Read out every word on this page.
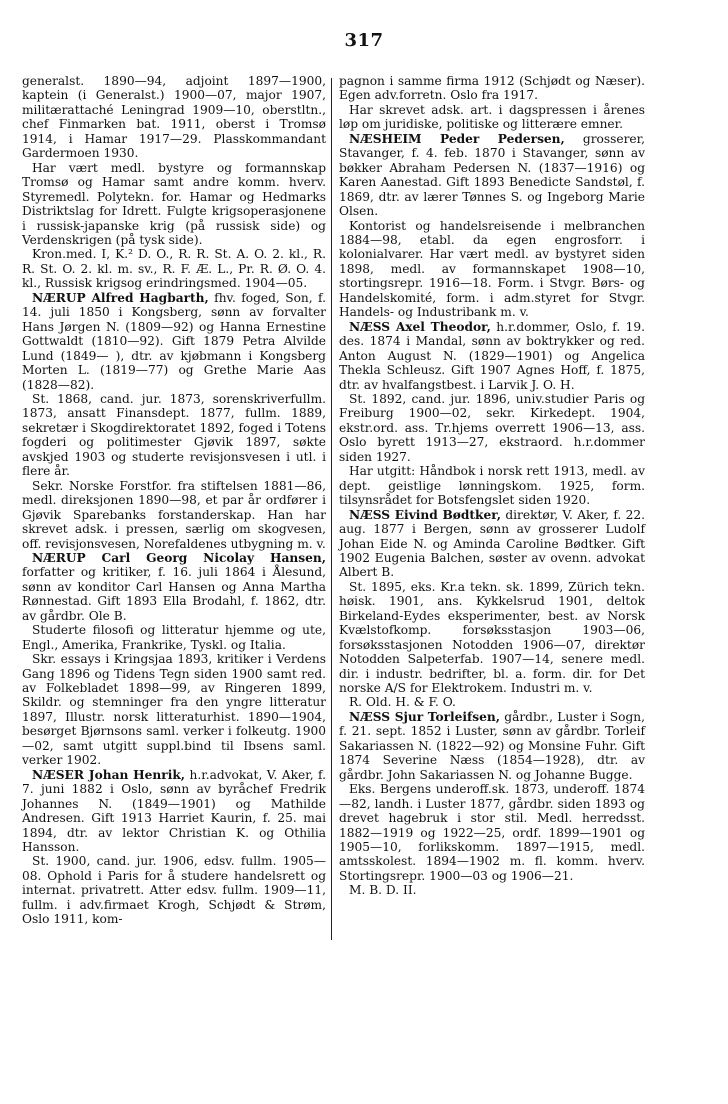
317

generalst. 1890—94, adjoint 1897—1900, kaptein (i Generalst.) 1900—07, major 1907, militærattaché Leningrad 1909—10, oberstltn., chef Finmarken bat. 1911, oberst i Tromsø 1914, i Hamar 1917—29. Plasskommandant Gardermoen 1930.

Har vært medl. bystyre og formannskap Tromsø og Hamar samt andre komm. hverv. Styremedl. Polytekn. for. Hamar og Hedmarks Distriktslag for Idrett. Fulgte krigsoperasjonene i russisk-japanske krig (på russisk side) og Verdenskrigen (på tysk side).

Kron.med. I, K.² D. O., R. R. St. A. O. 2. kl., R. R. St. O. 2. kl. m. sv., R. F. Æ. L., Pr. R. Ø. O. 4. kl., Russisk krigsog erindringsmed. 1904—05.

NÆRUP Alfred Hagbarth, fhv. foged, Son, f. 14. juli 1850 i Kongsberg, sønn av forvalter Hans Jørgen N. (1809—92) og Hanna Ernestine Gottwaldt (1810—92). Gift 1879 Petra Alvilde Lund (1849— ), dtr. av kjøbmann i Kongsberg Morten L. (1819—77) og Grethe Marie Aas (1828—82).

St. 1868, cand. jur. 1873, sorenskriverfullm. 1873, ansatt Finansdept. 1877, fullm. 1889, sekretær i Skogdirektoratet 1892, foged i Totens fogderi og politimester Gjøvik 1897, søkte avskjed 1903 og studerte revisjonsvesen i utl. i flere år.

Sekr. Norske Forstfor. fra stiftelsen 1881—86, medl. direksjonen 1890—98, et par år ordfører i Gjøvik Sparebanks forstanderskap. Han har skrevet adsk. i pressen, særlig om skogvesen, off. revisjonsvesen, Norefaldenes utbygning m. v.

NÆRUP Carl Georg Nicolay Hansen, forfatter og kritiker, f. 16. juli 1864 i Ålesund, sønn av konditor Carl Hansen og Anna Martha Rønnestad. Gift 1893 Ella Brodahl, f. 1862, dtr. av gårdbr. Ole B.

Studerte filosofi og litteratur hjemme og ute, Engl., Amerika, Frankrike, Tyskl. og Italia.

Skr. essays i Kringsjaa 1893, kritiker i Verdens Gang 1896 og Tidens Tegn siden 1900 samt red. av Folkebladet 1898—99, av Ringeren 1899, Skildr. og stemninger fra den yngre litteratur 1897, Illustr. norsk litteraturhist. 1890—1904, besørget Bjørnsons saml. verker i folkeutg. 1900—02, samt utgitt suppl.bind til Ibsens saml. verker 1902.

NÆSER Johan Henrik, h.r.advokat, V. Aker, f. 7. juni 1882 i Oslo, sønn av byråchef Fredrik Johannes N. (1849—1901) og Mathilde Andresen. Gift 1913 Harriet Kaurin, f. 25. mai 1894, dtr. av lektor Christian K. og Othilia Hansson.

St. 1900, cand. jur. 1906, edsv. fullm. 1905—08. Ophold i Paris for å studere handelsrett og internat. privatrett. Atter edsv. fullm. 1909—11, fullm. i adv.firmaet Krogh, Schjødt & Strøm, Oslo 1911, kom-

pagnon i samme firma 1912 (Schjødt og Næser). Egen adv.forretn. Oslo fra 1917.

Har skrevet adsk. art. i dagspressen i årenes løp om juridiske, politiske og litterære emner.

NÆSHEIM Peder Pedersen, grosserer, Stavanger, f. 4. feb. 1870 i Stavanger, sønn av bøkker Abraham Pedersen N. (1837—1916) og Karen Aanestad. Gift 1893 Benedicte Sandstøl, f. 1869, dtr. av lærer Tønnes S. og Ingeborg Marie Olsen.

Kontorist og handelsreisende i melbranchen 1884—98, etabl. da egen engrosforr. i kolonialvarer. Har vært medl. av bystyret siden 1898, medl. av formannskapet 1908—10, stortingsrepr. 1916—18. Form. i Stvgr. Børs- og Handelskomité, form. i adm.styret for Stvgr. Handels- og Industribank m. v.

NÆSS Axel Theodor, h.r.dommer, Oslo, f. 19. des. 1874 i Mandal, sønn av boktrykker og red. Anton August N. (1829—1901) og Angelica Thekla Schleusz. Gift 1907 Agnes Hoff, f. 1875, dtr. av hvalfangstbest. i Larvik J. O. H.

St. 1892, cand. jur. 1896, univ.studier Paris og Freiburg 1900—02, sekr. Kirkedept. 1904, ekstr.ord. ass. Tr.hjems overrett 1906—13, ass. Oslo byrett 1913—27, ekstraord. h.r.dommer siden 1927.

Har utgitt: Håndbok i norsk rett 1913, medl. av dept. geistlige lønningskom. 1925, form. tilsynsrådet for Botsfengslet siden 1920.

NÆSS Eivind Bødtker, direktør, V. Aker, f. 22. aug. 1877 i Bergen, sønn av grosserer Ludolf Johan Eide N. og Aminda Caroline Bødtker. Gift 1902 Eugenia Balchen, søster av ovenn. advokat Albert B.

St. 1895, eks. Kr.a tekn. sk. 1899, Zürich tekn. høisk. 1901, ans. Kykkelsrud 1901, deltok Birkeland-Eydes eksperimenter, best. av Norsk Kvælstofkomp. forsøksstasjon 1903—06, forsøksstasjonen Notodden 1906—07, direktør Notodden Salpeterfab. 1907—14, senere medl. dir. i industr. bedrifter, bl. a. form. dir. for Det norske A/S for Elektrokem. Industri m. v.

R. Old. H. & F. O.

NÆSS Sjur Torleifsen, gårdbr., Luster i Sogn, f. 21. sept. 1852 i Luster, sønn av gårdbr. Torleif Sakariassen N. (1822—92) og Monsine Fuhr. Gift 1874 Severine Næss (1854—1928), dtr. av gårdbr. John Sakariassen N. og Johanne Bugge.

Eks. Bergens underoff.sk. 1873, underoff. 1874—82, landh. i Luster 1877, gårdbr. siden 1893 og drevet hagebruk i stor stil. Medl. herredsst. 1882—1919 og 1922—25, ordf. 1899—1901 og 1905—10, forlikskomm. 1897—1915, medl. amtsskolest. 1894—1902 m. fl. komm. hverv. Stortingsrepr. 1900—03 og 1906—21.

M. B. D. II.
